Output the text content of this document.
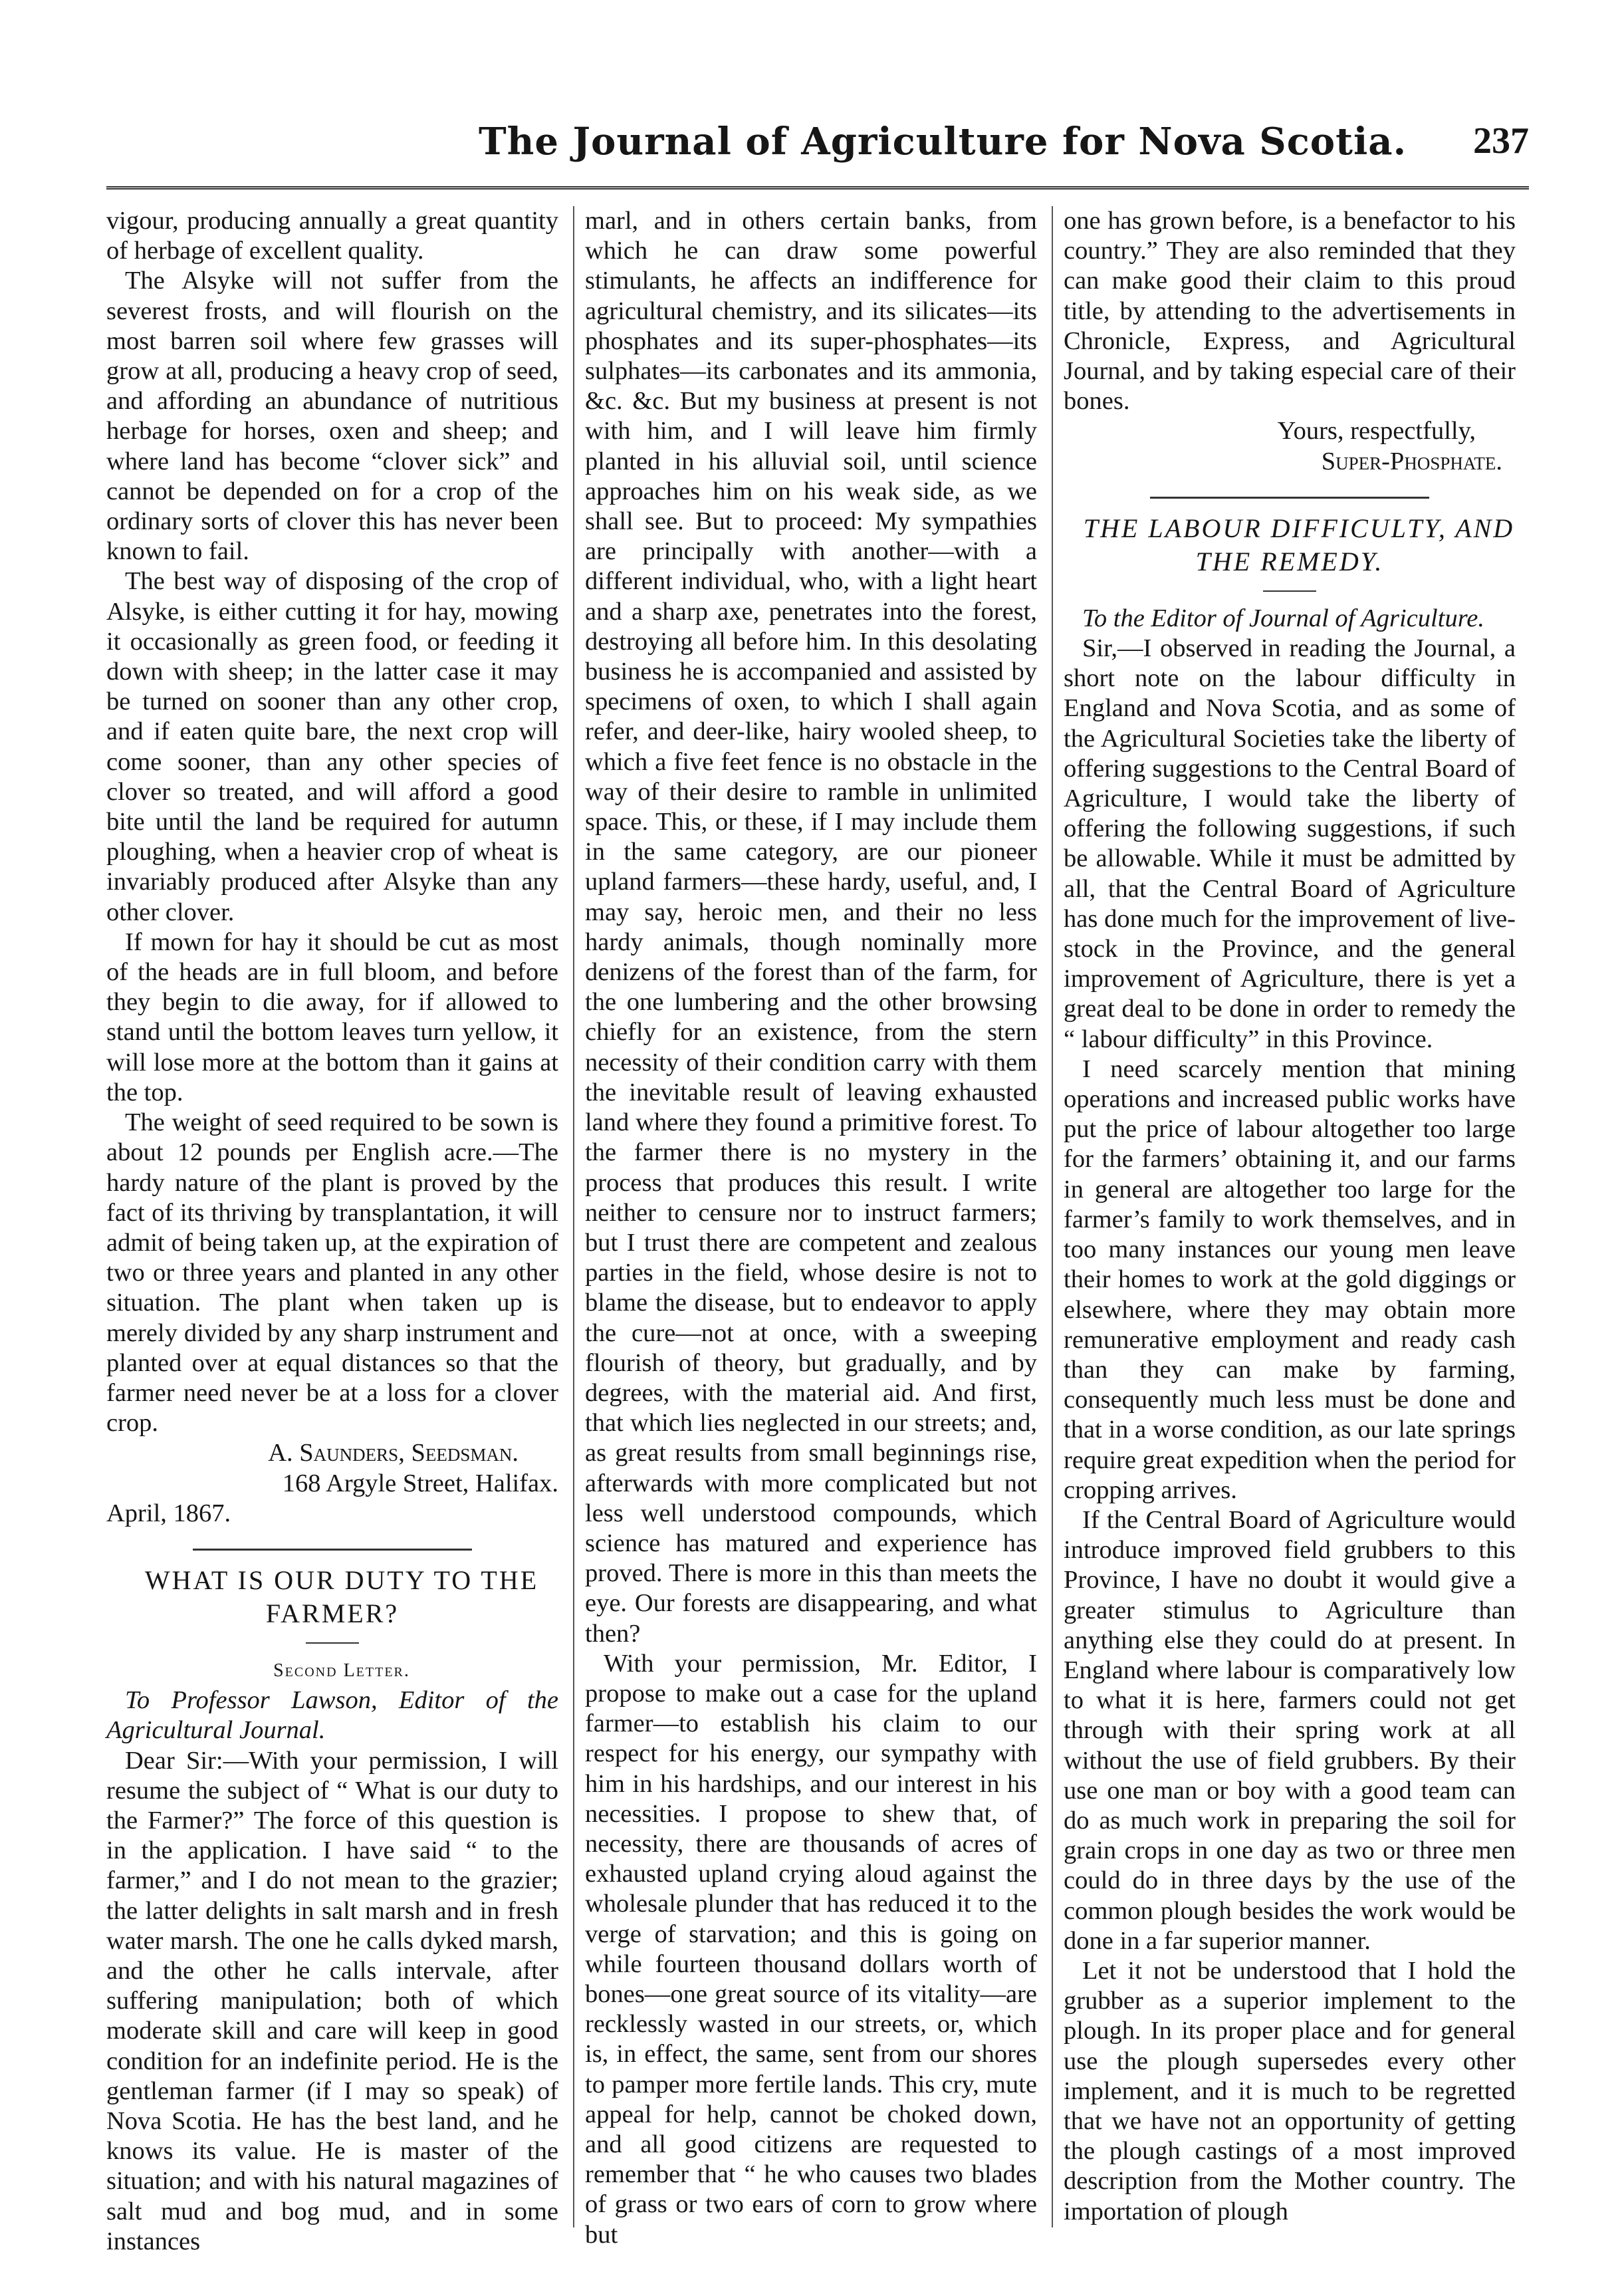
The Journal of Agriculture for Nova Scotia. 237

vigour, producing annually a great quantity of herbage of excellent quality.

The Alsyke will not suffer from the severest frosts, and will flourish on the most barren soil where few grasses will grow at all, producing a heavy crop of seed, and affording an abundance of nutritious herbage for horses, oxen and sheep; and where land has become “clover sick” and cannot be depended on for a crop of the ordinary sorts of clover this has never been known to fail.

The best way of disposing of the crop of Alsyke, is either cutting it for hay, mowing it occasionally as green food, or feeding it down with sheep; in the latter case it may be turned on sooner than any other crop, and if eaten quite bare, the next crop will come sooner, than any other species of clover so treated, and will afford a good bite until the land be required for autumn ploughing, when a heavier crop of wheat is invariably produced after Alsyke than any other clover.

If mown for hay it should be cut as most of the heads are in full bloom, and before they begin to die away, for if allowed to stand until the bottom leaves turn yellow, it will lose more at the bottom than it gains at the top.

The weight of seed required to be sown is about 12 pounds per English acre.—The hardy nature of the plant is proved by the fact of its thriving by transplantation, it will admit of being taken up, at the expiration of two or three years and planted in any other situation. The plant when taken up is merely divided by any sharp instrument and planted over at equal distances so that the farmer need never be at a loss for a clover crop.

A. Saunders, Seedsman.

168 Argyle Street, Halifax.

April, 1867.

WHAT IS OUR DUTY TO THE FARMER?

Second Letter.

To Professor Lawson, Editor of the Agricultural Journal.

Dear Sir:—With your permission, I will resume the subject of “ What is our duty to the Farmer?” The force of this question is in the application. I have said “ to the farmer,” and I do not mean to the grazier; the latter delights in salt marsh and in fresh water marsh. The one he calls dyked marsh, and the other he calls intervale, after suffering manipulation; both of which moderate skill and care will keep in good condition for an indefinite period. He is the gentleman farmer (if I may so speak) of Nova Scotia. He has the best land, and he knows its value. He is master of the situation; and with his natural magazines of salt mud and bog mud, and in some instances

marl, and in others certain banks, from which he can draw some powerful stimulants, he affects an indifference for agricultural chemistry, and its silicates—its phosphates and its super-phosphates—its sulphates—its carbonates and its ammonia, &c. &c. But my business at present is not with him, and I will leave him firmly planted in his alluvial soil, until science approaches him on his weak side, as we shall see. But to proceed: My sympathies are principally with another—with a different individual, who, with a light heart and a sharp axe, penetrates into the forest, destroying all before him. In this desolating business he is accompanied and assisted by specimens of oxen, to which I shall again refer, and deer-like, hairy wooled sheep, to which a five feet fence is no obstacle in the way of their desire to ramble in unlimited space. This, or these, if I may include them in the same category, are our pioneer upland farmers—these hardy, useful, and, I may say, heroic men, and their no less hardy animals, though nominally more denizens of the forest than of the farm, for the one lumbering and the other browsing chiefly for an existence, from the stern necessity of their condition carry with them the inevitable result of leaving exhausted land where they found a primitive forest. To the farmer there is no mystery in the process that produces this result. I write neither to censure nor to instruct farmers; but I trust there are competent and zealous parties in the field, whose desire is not to blame the disease, but to endeavor to apply the cure—not at once, with a sweeping flourish of theory, but gradually, and by degrees, with the material aid. And first, that which lies neglected in our streets; and, as great results from small beginnings rise, afterwards with more complicated but not less well understood compounds, which science has matured and experience has proved. There is more in this than meets the eye. Our forests are disappearing, and what then?

With your permission, Mr. Editor, I propose to make out a case for the upland farmer—to establish his claim to our respect for his energy, our sympathy with him in his hardships, and our interest in his necessities. I propose to shew that, of necessity, there are thousands of acres of exhausted upland crying aloud against the wholesale plunder that has reduced it to the verge of starvation; and this is going on while fourteen thousand dollars worth of bones—one great source of its vitality—are recklessly wasted in our streets, or, which is, in effect, the same, sent from our shores to pamper more fertile lands. This cry, mute appeal for help, cannot be choked down, and all good citizens are requested to remember that “ he who causes two blades of grass or two ears of corn to grow where but

one has grown before, is a benefactor to his country.” They are also reminded that they can make good their claim to this proud title, by attending to the advertisements in Chronicle, Express, and Agricultural Journal, and by taking especial care of their bones.

Yours, respectfully,

Super-Phosphate.

THE LABOUR DIFFICULTY, AND THE REMEDY.

To the Editor of Journal of Agriculture.

Sir,—I observed in reading the Journal, a short note on the labour difficulty in England and Nova Scotia, and as some of the Agricultural Societies take the liberty of offering suggestions to the Central Board of Agriculture, I would take the liberty of offering the following suggestions, if such be allowable. While it must be admitted by all, that the Central Board of Agriculture has done much for the improvement of live-stock in the Province, and the general improvement of Agriculture, there is yet a great deal to be done in order to remedy the “ labour difficulty” in this Province.

I need scarcely mention that mining operations and increased public works have put the price of labour altogether too large for the farmers’ obtaining it, and our farms in general are altogether too large for the farmer’s family to work themselves, and in too many instances our young men leave their homes to work at the gold diggings or elsewhere, where they may obtain more remunerative employment and ready cash than they can make by farming, consequently much less must be done and that in a worse condition, as our late springs require great expedition when the period for cropping arrives.

If the Central Board of Agriculture would introduce improved field grubbers to this Province, I have no doubt it would give a greater stimulus to Agriculture than anything else they could do at present. In England where labour is comparatively low to what it is here, farmers could not get through with their spring work at all without the use of field grubbers. By their use one man or boy with a good team can do as much work in preparing the soil for grain crops in one day as two or three men could do in three days by the use of the common plough besides the work would be done in a far superior manner.

Let it not be understood that I hold the grubber as a superior implement to the plough. In its proper place and for general use the plough supersedes every other implement, and it is much to be regretted that we have not an opportunity of getting the plough castings of a most improved description from the Mother country. The importation of plough
